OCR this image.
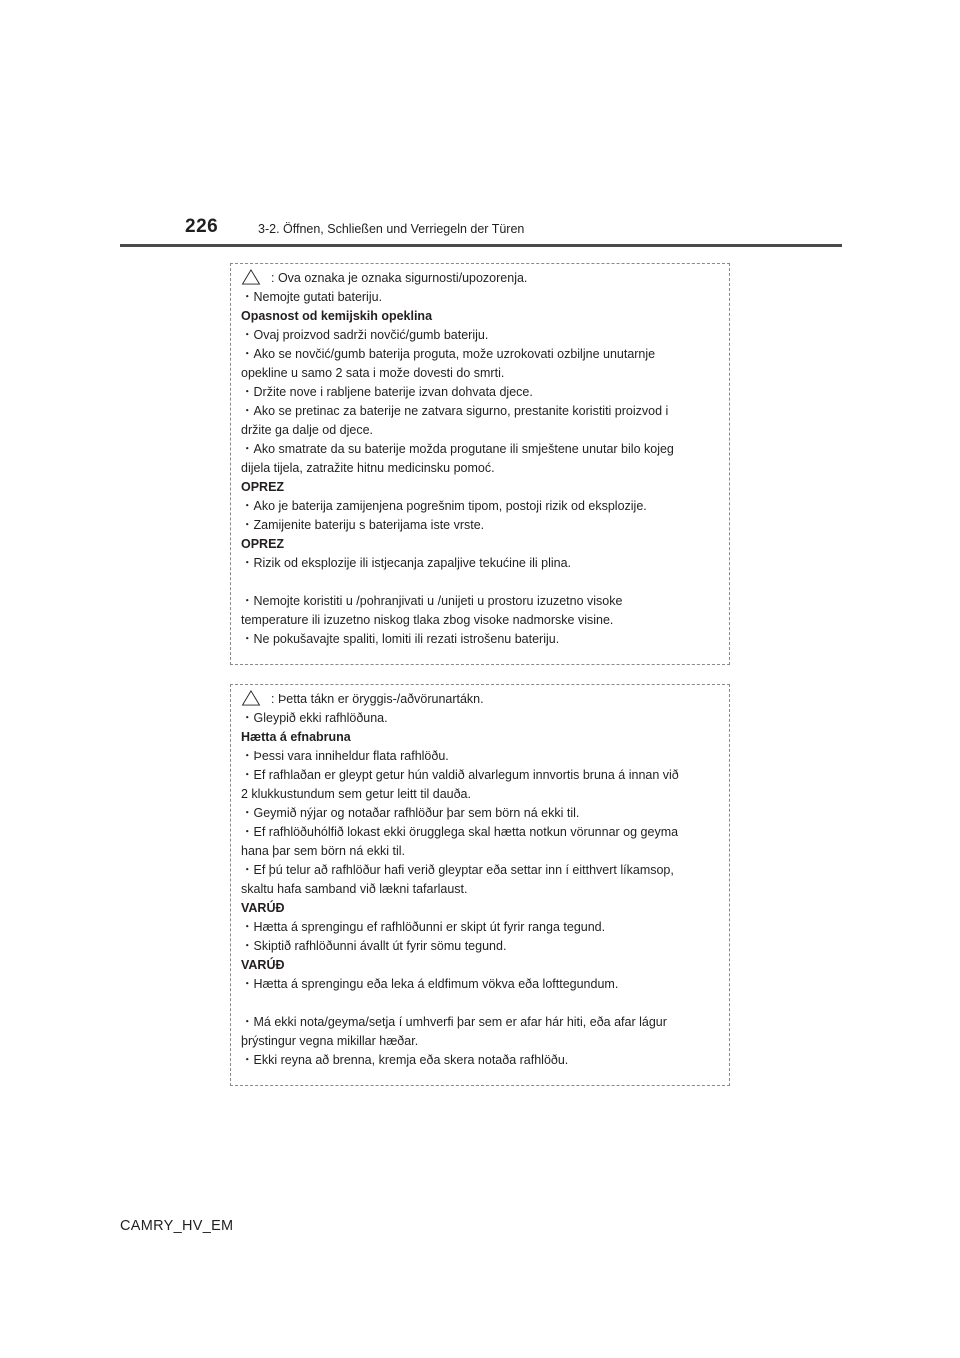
226	3-2. Öffnen, Schließen und Verriegeln der Türen
: Ova oznaka je oznaka sigurnosti/upozorenja.
・Nemojte gutati bateriju.
Opasnost od kemijskih opeklina
・Ovaj proizvod sadrži novčić/gumb bateriju.
・Ako se novčić/gumb baterija proguta, može uzrokovati ozbiljne unutarnje
opekline u samo 2 sata i može dovesti do smrti.
・Držite nove i rabljene baterije izvan dohvata djece.
・Ako se pretinac za baterije ne zatvara sigurno, prestanite koristiti proizvod i
držite ga dalje od djece.
・Ako smatrate da su baterije možda progutane ili smještene unutar bilo kojeg
dijela tijela, zatražite hitnu medicinsku pomoć.
OPREZ
・Ako je baterija zamijenjena pogrešnim tipom, postoji rizik od eksplozije.
・Zamijenite bateriju s baterijama iste vrste.
OPREZ
・Rizik od eksplozije ili istjecanja zapaljive tekućine ili plina.
・Nemojte koristiti u /pohranjivati u /unijeti u prostoru izuzetno visoke
temperature ili izuzetno niskog tlaka zbog visoke nadmorske visine.
・Ne pokušavajte spaliti, lomiti ili rezati istrošenu bateriju.
: Þetta tákn er öryggis-/aðvörunartákn.
・Gleypið ekki rafhlöðuna.
Hætta á efnabruna
・Þessi vara inniheldur flata rafhlöðu.
・Ef rafhlaðan er gleypt getur hún valdið alvarlegum innvortis bruna á innan við
2 klukkustundum sem getur leitt til dauða.
・Geymið nýjar og notaðar rafhlöður þar sem börn ná ekki til.
・Ef rafhlöðuhólfið lokast ekki örugglega skal hætta notkun vörunnar og geyma
hana þar sem börn ná ekki til.
・Ef þú telur að rafhlöður hafi verið gleyptar eða settar inn í eitthvert líkamsop,
skaltu hafa samband við lækni tafarlaust.
VARÚÐ
・Hætta á sprengingu ef rafhlöðunni er skipt út fyrir ranga tegund.
・Skiptið rafhlöðunni ávallt út fyrir sömu tegund.
VARÚÐ
・Hætta á sprengingu eða leka á eldfimum vökva eða lofttegundum.
・Má ekki nota/geyma/setja í umhverfi þar sem er afar hár hiti, eða afar lágur
þrýstingur vegna mikillar hæðar.
・Ekki reyna að brenna, kremja eða skera notaða rafhlöðu.
CAMRY_HV_EM
